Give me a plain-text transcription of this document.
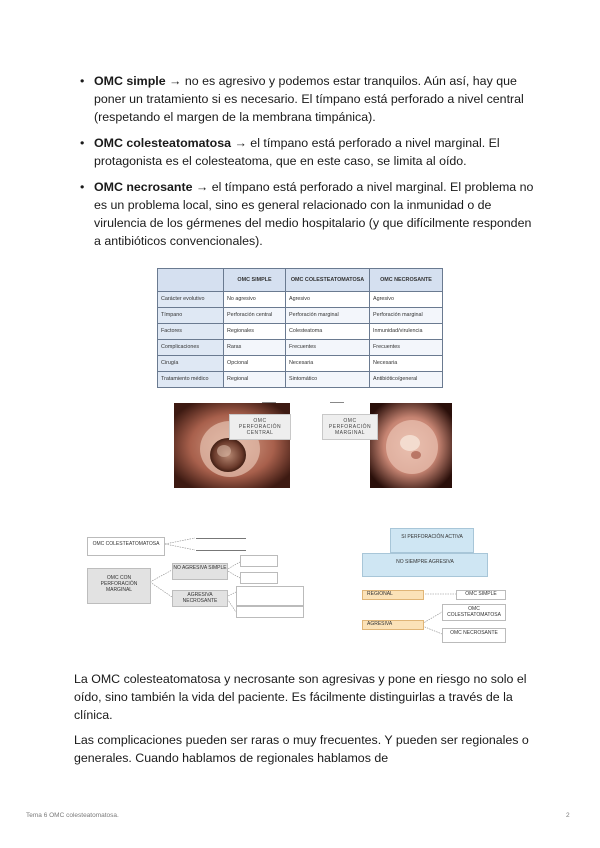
• OMC simple → no es agresivo y podemos estar tranquilos. Aún así, hay que poner un tratamiento si es necesario. El tímpano está perforado a nivel central (respetando el margen de la membrana timpánica).
• OMC colesteatomatosa → el tímpano está perforado a nivel marginal. El protagonista es el colesteatoma, que en este caso, se limita al oído.
• OMC necrosante → el tímpano está perforado a nivel marginal. El problema no es un problema local, sino es general relacionado con la inmunidad o de virulencia de los gérmenes del medio hospitalario (y que difícilmente responden a antibióticos convencionales).
	OMC SIMPLE	OMC COLESTEATOMATOSA	OMC NECROSANTE
Carácter evolutivo	No agresivo	Agresivo	Agresivo
Tímpano	Perforación central	Perforación marginal	Perforación marginal
Factores	Regionales	Colesteatoma	Inmunidad/virulencia
Complicaciones	Raras	Frecuentes	Frecuentes
Cirugía	Opcional	Necesaria	Necesaria
Tratamiento médico	Regional	Sintomático	Antibiótico/general
OMC PERFORACIÓN CENTRAL
OMC PERFORACIÓN MARGINAL
OMC COLESTEATOMATOSA
OMC CON PERFORACIÓN MARGINAL
NO AGRESIVA SIMPLE
AGRESIVA NECROSANTE
SI PERFORACIÓN ACTIVA
NO SIEMPRE AGRESIVA
REGIONAL
AGRESIVA
OMC SIMPLE
OMC COLESTEATOMATOSA
OMC NECROSANTE

La OMC colesteatomatosa y necrosante son agresivas y pone en riesgo no solo el oído, sino también la vida del paciente. Es fácilmente distinguirlas a través de la clínica.

Las complicaciones pueden ser raras o muy frecuentes. Y pueden ser regionales o generales. Cuando hablamos de regionales hablamos de

Tema 6 OMC colesteatomatosa.	2
